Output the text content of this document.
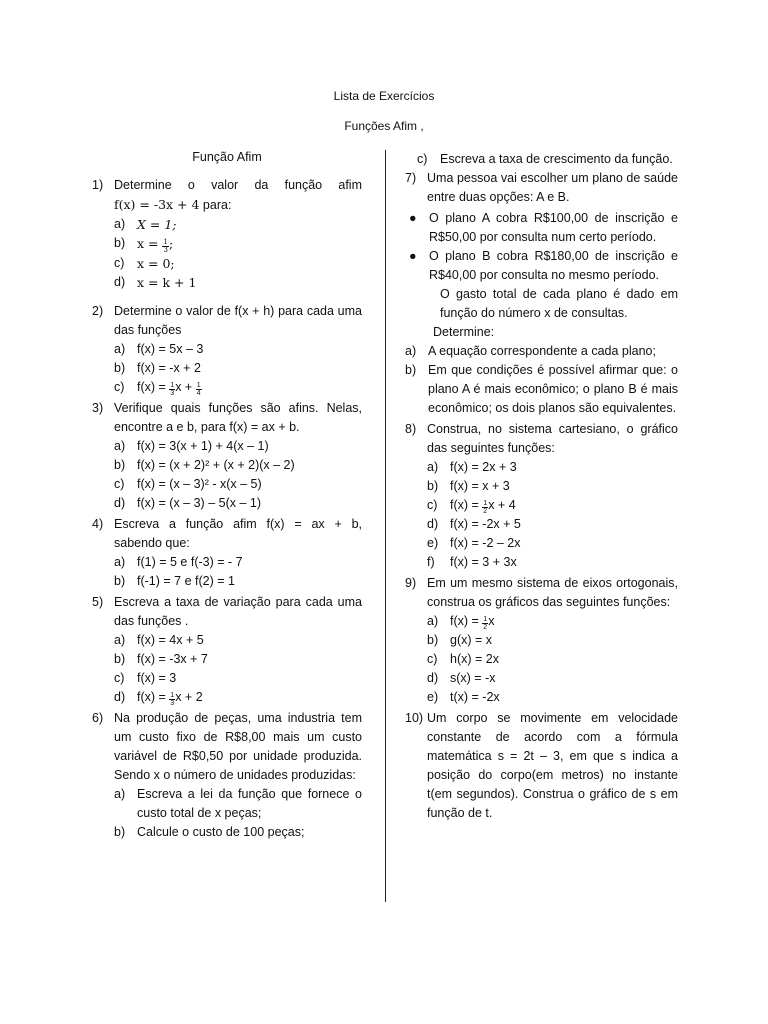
Lista de Exercícios
Funções Afim ,
Função Afim
1) Determine o valor da função afim
f(x) = -3x + 4 para:
a) X = 1;
b) $x = \frac{1}{3}$ ;
c)	x = 0;
d) x = k + 1
2) Determine o valor de f(x + h) para cada uma das funções
a) f(x) = 5x – 3
b) f(x) = -x + 2
c)	$f(x) = \frac{1}{3}$ $x + \frac{1}{4}$
3) Verifique quais funções são afins. Nelas, encontre a e b, para f(x) = ax + b.
a) f(x) = 3(x + 1) + 4(x – 1)
b) f(x) = (x + 2)² + (x + 2)(x – 2)
c)	f(x) = (x – 3)² - x(x – 5)
d) f(x) = (x – 3) – 5(x – 1)
4) Escreva a função afim f(x) = ax + b, sabendo que:
a) f(1) = 5 e f(-3) = - 7
b) f(-1) = 7 e f(2) = 1
5) Escreva a taxa de variação para cada uma das funções .
a) f(x) = 4x + 5
b) f(x) = -3x + 7
c)	f(x) = 3
d) $f(x) = \frac{1}{3}$ x + 2
6) Na produção de peças, uma industria tem um custo fixo de R$8,00 mais um custo variável de R$0,50 por unidade produzida. Sendo x o número de unidades produzidas:
a) Escreva a lei da função que fornece o custo total de x peças;
b) Calcule o custo de 100 peças;
c)	Escreva a taxa de crescimento da função.
7) Uma pessoa vai escolher um plano de saúde entre duas opções: A e B.
● O plano A cobra R$100,00 de inscrição e R$50,00 por consulta num certo período.
● O plano B cobra R$180,00 de inscrição e R$40,00 por consulta no mesmo período.
O gasto total de cada plano é dado em função do número x de consultas.
Determine:
a) A equação correspondente a cada plano;
b) Em que condições é possível afirmar que: o plano A é mais econômico; o plano B é mais econômico; os dois planos são equivalentes.
8) Construa, no sistema cartesiano, o gráfico das seguintes funções:
a) f(x) = 2x + 3
b) f(x) = x + 3
c)	$f(x) = \frac{1}{2}$ x + 4
d) f(x) = -2x + 5
e) f(x) = -2 – 2x
f)	f(x) = 3 + 3x
9) Em um mesmo sistema de eixos ortogonais, construa os gráficos das seguintes funções:
a) $f(x) = \frac{1}{2}$ x
b) g(x) = x
c)	h(x) = 2x
d) s(x) = -x
e) t(x) = -2x
10) Um corpo se movimente em velocidade constante de acordo com a fórmula matemática s = 2t – 3, em que s indica a posição do corpo(em metros) no instante t(em segundos). Construa o gráfico de s em função de t.
